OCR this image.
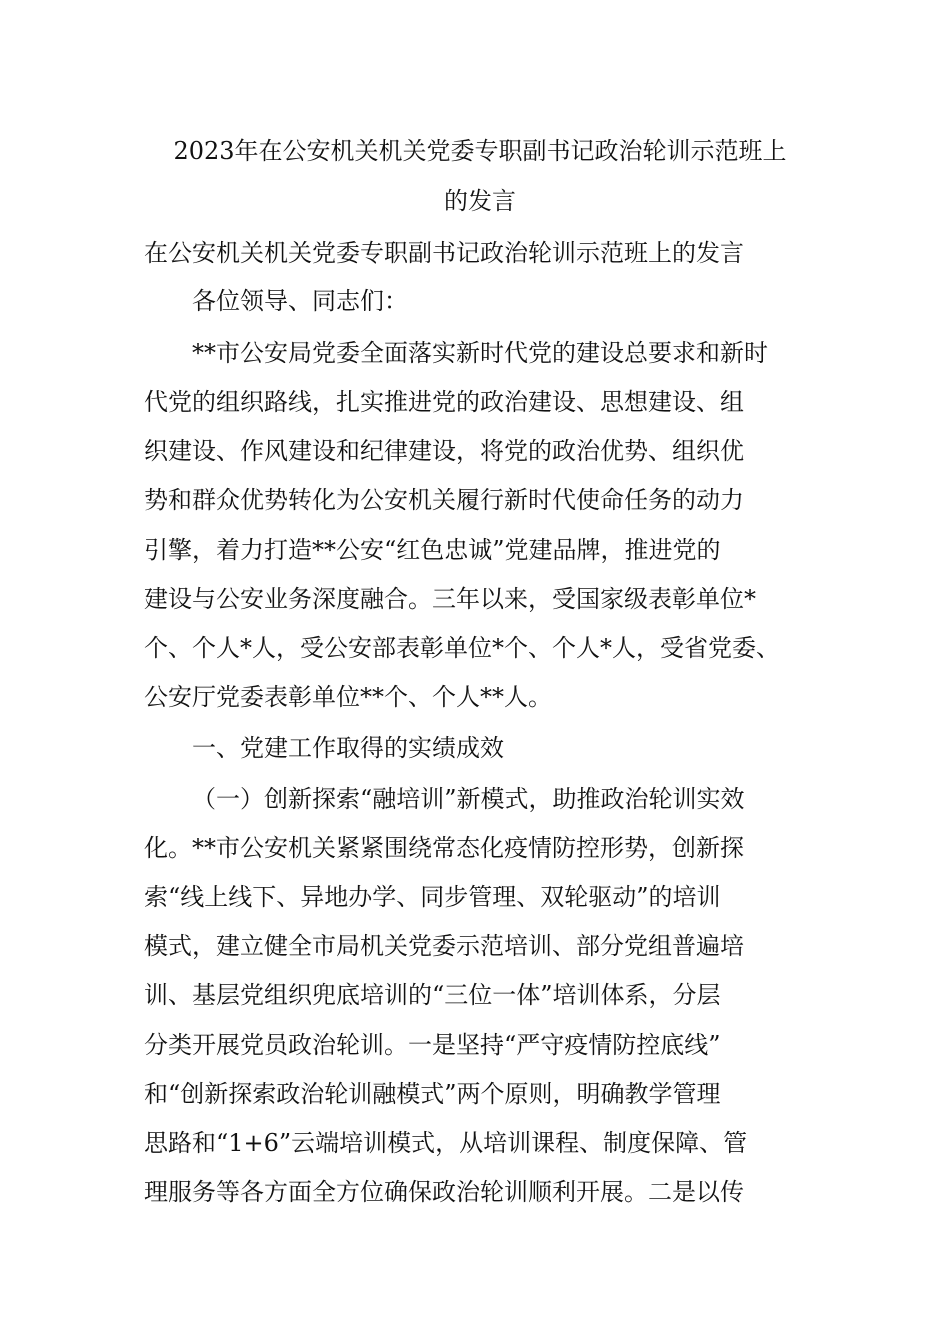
2023年在公安机关机关党委专职副书记政治轮训示范班上
的发言

在公安机关机关党委专职副书记政治轮训示范班上的发言

各位领导、同志们：

**市公安局党委全面落实新时代党的建设总要求和新时

代党的组织路线，扎实推进党的政治建设、思想建设、组

织建设、作风建设和纪律建设，将党的政治优势、组织优

势和群众优势转化为公安机关履行新时代使命任务的动力

引擎，着力打造**公安“红色忠诚”党建品牌，推进党的

建设与公安业务深度融合。三年以来，受国家级表彰单位*

个、个人*人，受公安部表彰单位*个、个人*人，受省党委、

公安厅党委表彰单位**个、个人**人。

一、党建工作取得的实绩成效

（一）创新探索“融培训”新模式，助推政治轮训实效

化。**市公安机关紧紧围绕常态化疫情防控形势，创新探

索“线上线下、异地办学、同步管理、双轮驱动”的培训

模式，建立健全市局机关党委示范培训、部分党组普遍培

训、基层党组织兜底培训的“三位一体”培训体系，分层

分类开展党员政治轮训。一是坚持“严守疫情防控底线”

和“创新探索政治轮训融模式”两个原则，明确教学管理

思路和“1+6”云端培训模式，从培训课程、制度保障、管

理服务等各方面全方位确保政治轮训顺利开展。二是以传
